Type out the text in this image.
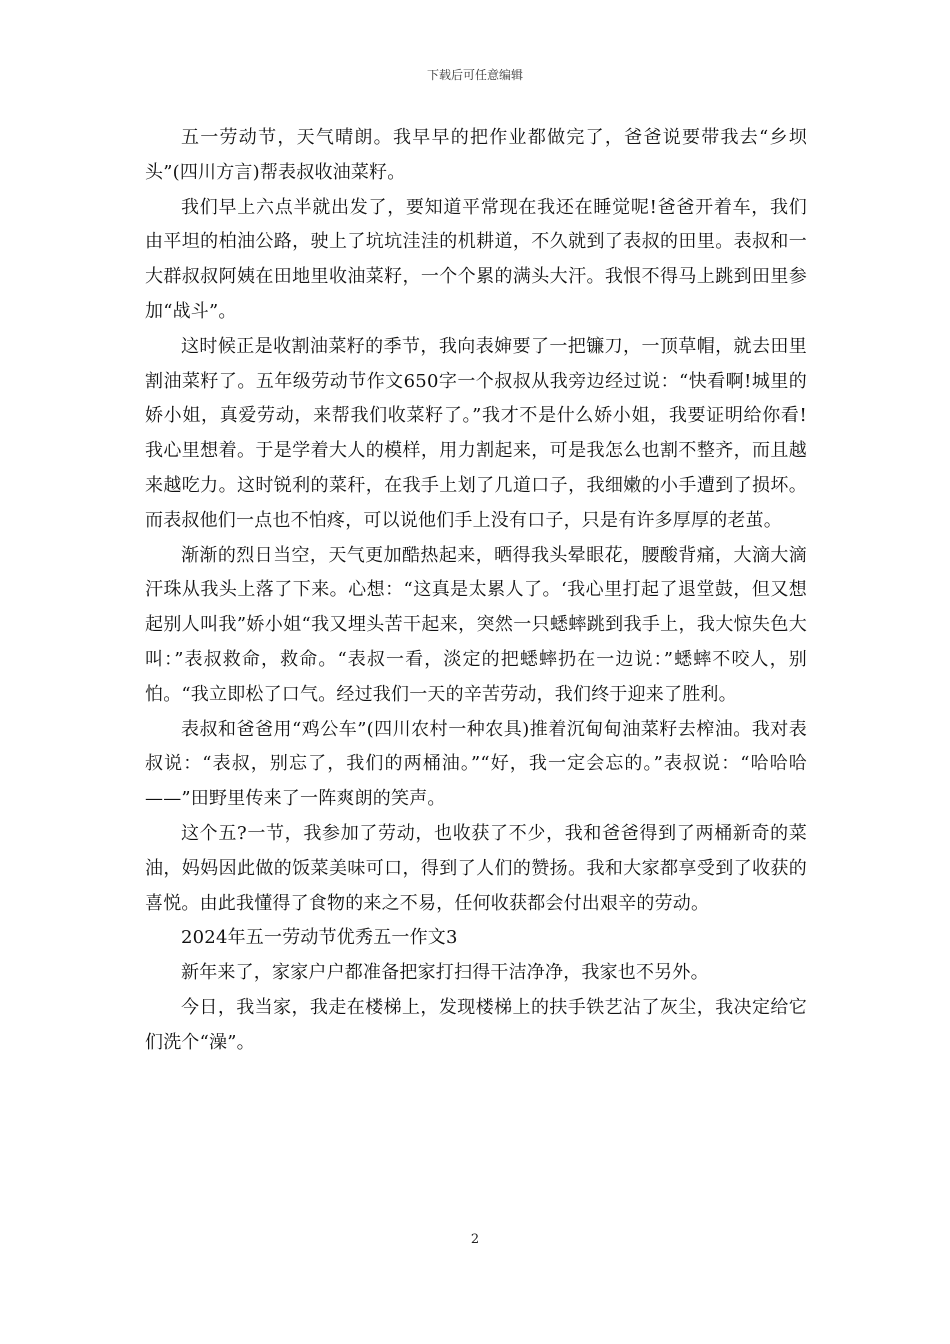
下载后可任意编辑

五一劳动节，天气晴朗。我早早的把作业都做完了，爸爸说要带我去“乡坝头”(四川方言)帮表叔收油菜籽。

我们早上六点半就出发了，要知道平常现在我还在睡觉呢!爸爸开着车，我们由平坦的柏油公路，驶上了坑坑洼洼的机耕道，不久就到了表叔的田里。表叔和一大群叔叔阿姨在田地里收油菜籽，一个个累的满头大汗。我恨不得马上跳到田里参加“战斗”。

这时候正是收割油菜籽的季节，我向表婶要了一把镰刀，一顶草帽，就去田里割油菜籽了。五年级劳动节作文650字一个叔叔从我旁边经过说：“快看啊!城里的娇小姐，真爱劳动，来帮我们收菜籽了。”我才不是什么娇小姐，我要证明给你看!我心里想着。于是学着大人的模样，用力割起来，可是我怎么也割不整齐，而且越来越吃力。这时锐利的菜秆，在我手上划了几道口子，我细嫩的小手遭到了损坏。而表叔他们一点也不怕疼，可以说他们手上没有口子，只是有许多厚厚的老茧。

渐渐的烈日当空，天气更加酷热起来，晒得我头晕眼花，腰酸背痛，大滴大滴汗珠从我头上落了下来。心想：“这真是太累人了。‘我心里打起了退堂鼓，但又想起别人叫我”娇小姐“我又埋头苦干起来，突然一只蟋蟀跳到我手上，我大惊失色大叫：”表叔救命，救命。“表叔一看，淡定的把蟋蟀扔在一边说：”蟋蟀不咬人，别怕。“我立即松了口气。经过我们一天的辛苦劳动，我们终于迎来了胜利。

表叔和爸爸用“鸡公车”(四川农村一种农具)推着沉甸甸油菜籽去榨油。我对表叔说：“表叔，别忘了，我们的两桶油。”“好，我一定会忘的。”表叔说：“哈哈哈——”田野里传来了一阵爽朗的笑声。

这个五?一节，我参加了劳动，也收获了不少，我和爸爸得到了两桶新奇的菜油，妈妈因此做的饭菜美味可口，得到了人们的赞扬。我和大家都享受到了收获的喜悦。由此我懂得了食物的来之不易，任何收获都会付出艰辛的劳动。

2024年五一劳动节优秀五一作文3

新年来了，家家户户都准备把家打扫得干洁净净，我家也不另外。

今日，我当家，我走在楼梯上，发现楼梯上的扶手铁艺沾了灰尘，我决定给它们洗个“澡”。

2
